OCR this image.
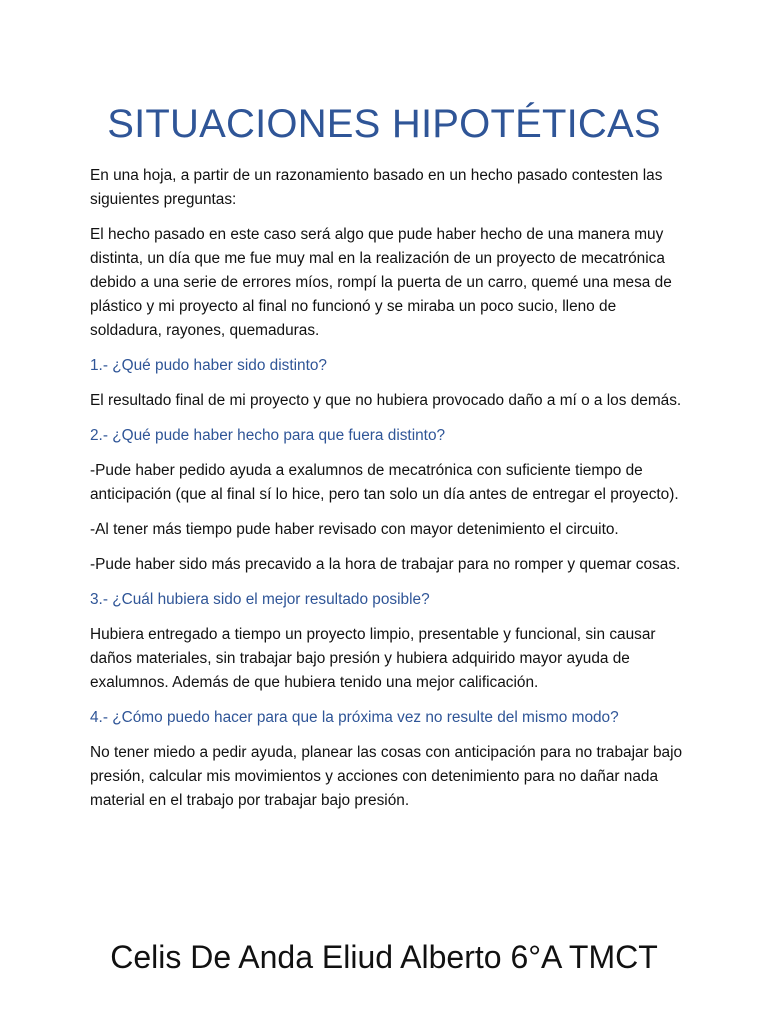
SITUACIONES HIPOTÉTICAS

En una hoja, a partir de un razonamiento basado en un hecho pasado contesten las siguientes preguntas:

El hecho pasado en este caso será algo que pude haber hecho de una manera muy distinta, un día que me fue muy mal en la realización de un proyecto de mecatrónica debido a una serie de errores míos, rompí la puerta de un carro, quemé una mesa de plástico y mi proyecto al final no funcionó y se miraba un poco sucio, lleno de soldadura, rayones, quemaduras.

1.- ¿Qué pudo haber sido distinto?

El resultado final de mi proyecto y que no hubiera provocado daño a mí o a los demás.

2.- ¿Qué pude haber hecho para que fuera distinto?

-Pude haber pedido ayuda a exalumnos de mecatrónica con suficiente tiempo de anticipación (que al final sí lo hice, pero tan solo un día antes de entregar el proyecto).

-Al tener más tiempo pude haber revisado con mayor detenimiento el circuito.

-Pude haber sido más precavido a la hora de trabajar para no romper y quemar cosas.

3.- ¿Cuál hubiera sido el mejor resultado posible?

Hubiera entregado a tiempo un proyecto limpio, presentable y funcional, sin causar daños materiales, sin trabajar bajo presión y hubiera adquirido mayor ayuda de exalumnos. Además de que hubiera tenido una mejor calificación.

4.- ¿Cómo puedo hacer para que la próxima vez no resulte del mismo modo?

No tener miedo a pedir ayuda, planear las cosas con anticipación para no trabajar bajo presión, calcular mis movimientos y acciones con detenimiento para no dañar nada material en el trabajo por trabajar bajo presión.

Celis De Anda Eliud Alberto 6°A TMCT
